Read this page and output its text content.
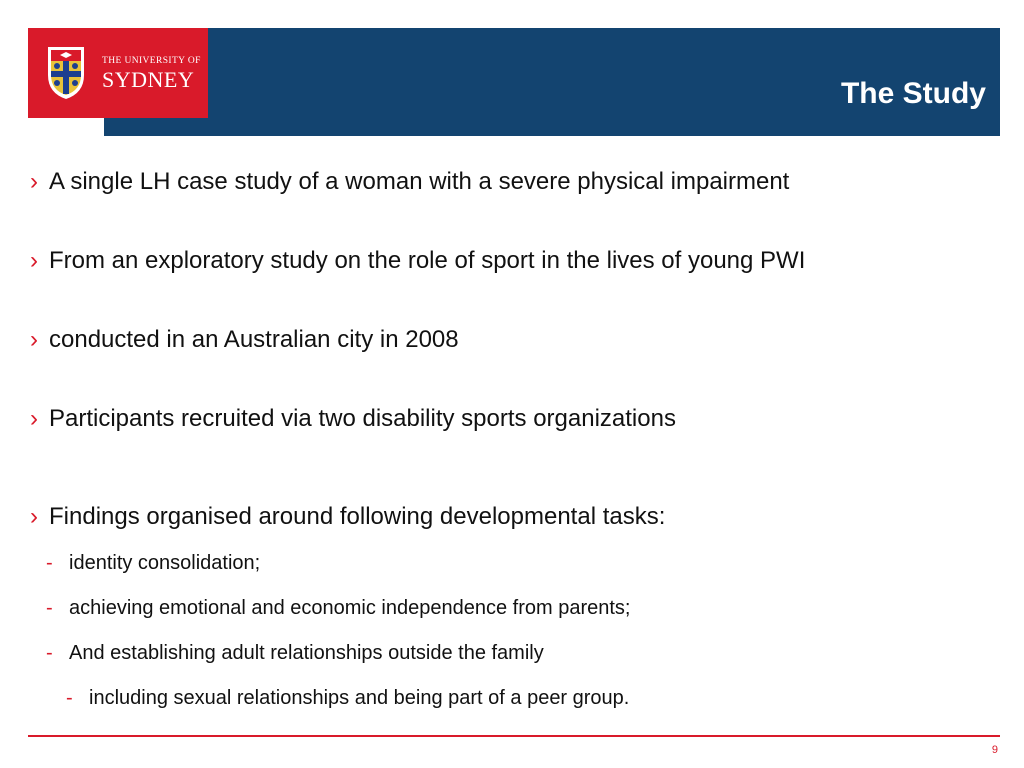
The Study
THE UNIVERSITY OF
SYDNEY
› A single LH case study of a woman with a severe physical impairment
› From an exploratory study on the role of sport in the lives of young PWI
› conducted in an Australian city in 2008
› Participants recruited via two disability sports organizations
› Findings organised around following developmental tasks:
- identity consolidation;
- achieving emotional and economic independence from parents;
- And establishing adult relationships outside the family
- including sexual relationships and being part of a peer group.
9
